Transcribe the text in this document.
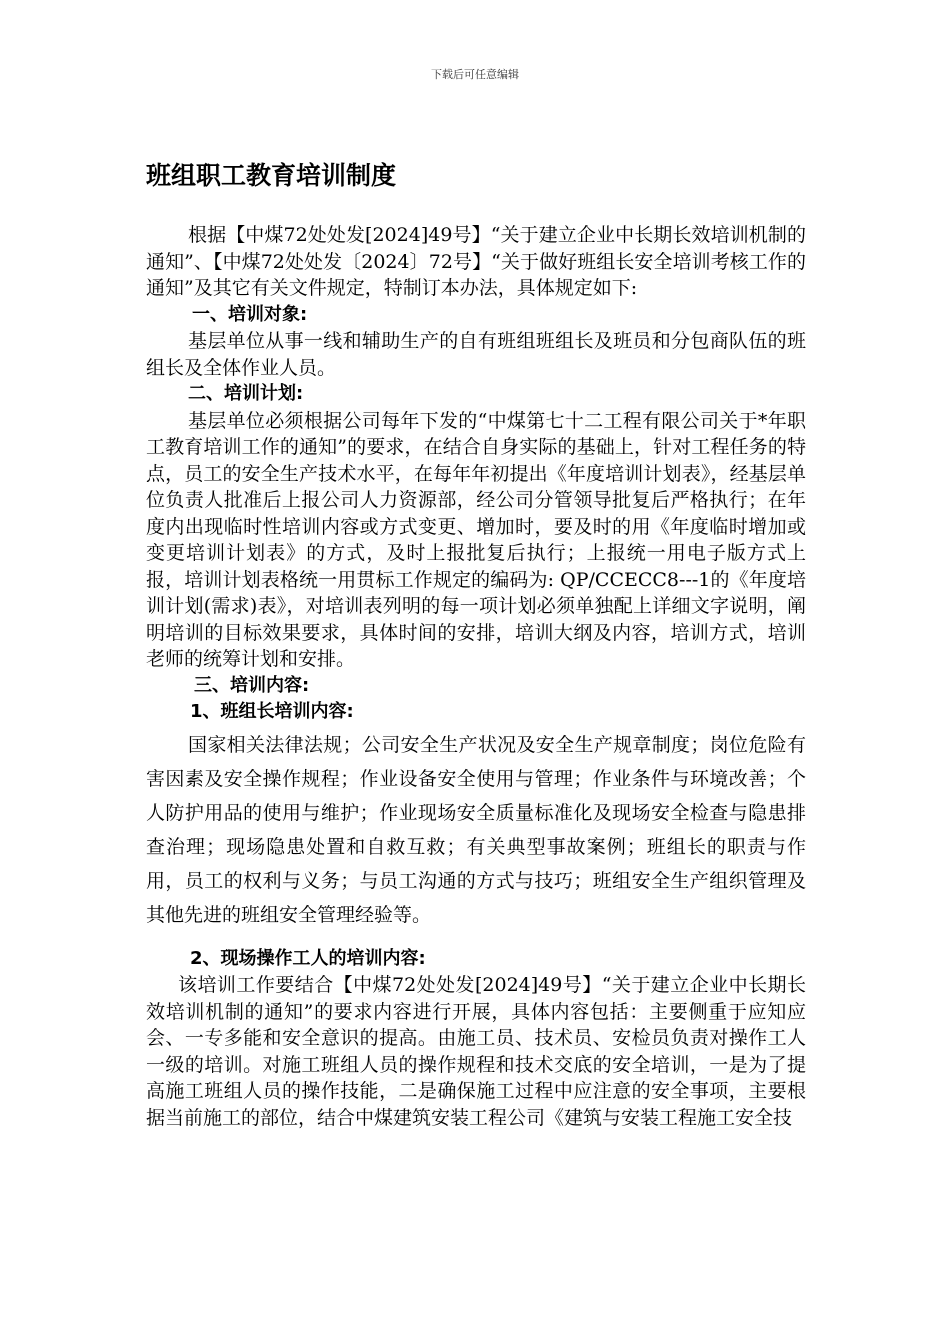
下载后可任意编辑
班组职工教育培训制度

根据【中煤72处处发[2024]49号】“关于建立企业中长期长效培训机制的通知”、【中煤72处处发〔2024〕72号】“关于做好班组长安全培训考核工作的通知”及其它有关文件规定，特制订本办法，具体规定如下:

一、培训对象:

基层单位从事一线和辅助生产的自有班组班组长及班员和分包商队伍的班组长及全体作业人员。

二、培训计划:

基层单位必须根据公司每年下发的“中煤第七十二工程有限公司关于*年职工教育培训工作的通知”的要求，在结合自身实际的基础上，针对工程任务的特点，员工的安全生产技术水平，在每年年初提出《年度培训计划表》，经基层单位负责人批准后上报公司人力资源部，经公司分管领导批复后严格执行；在年度内出现临时性培训内容或方式变更、增加时，要及时的用《年度临时增加或变更培训计划表》的方式，及时上报批复后执行；上报统一用电子版方式上报，培训计划表格统一用贯标工作规定的编码为: QP/CCECC8---1的《年度培训计划(需求)表》，对培训表列明的每一项计划必须单独配上详细文字说明，阐明培训的目标效果要求，具体时间的安排，培训大纲及内容，培训方式，培训老师的统筹计划和安排。

三、培训内容:

1、班组长培训内容:

国家相关法律法规；公司安全生产状况及安全生产规章制度；岗位危险有害因素及安全操作规程；作业设备安全使用与管理；作业条件与环境改善；个人防护用品的使用与维护；作业现场安全质量标准化及现场安全检查与隐患排查治理；现场隐患处置和自救互救；有关典型事故案例；班组长的职责与作用，员工的权利与义务；与员工沟通的方式与技巧；班组安全生产组织管理及其他先进的班组安全管理经验等。

2、现场操作工人的培训内容:

该培训工作要结合【中煤72处处发[2024]49号】“关于建立企业中长期长效培训机制的通知”的要求内容进行开展，具体内容包括：主要侧重于应知应会、一专多能和安全意识的提高。由施工员、技术员、安检员负责对操作工人一级的培训。对施工班组人员的操作规程和技术交底的安全培训，一是为了提高施工班组人员的操作技能，二是确保施工过程中应注意的安全事项，主要根据当前施工的部位，结合中煤建筑安装工程公司《建筑与安装工程施工安全技
